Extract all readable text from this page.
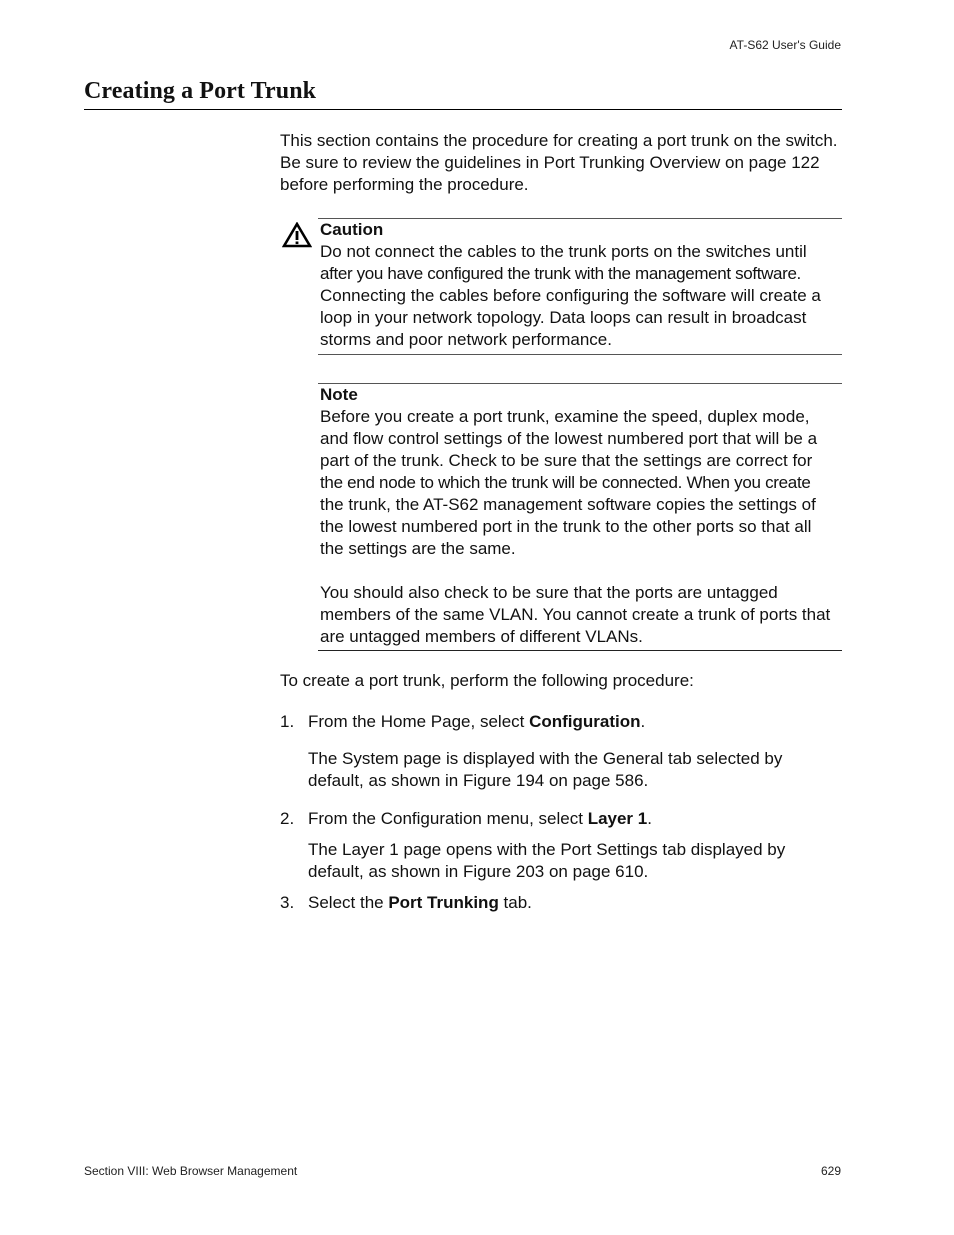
AT-S62 User's Guide
Creating a Port Trunk

This section contains the procedure for creating a port trunk on the switch. Be sure to review the guidelines in Port Trunking Overview on page 122 before performing the procedure.

Caution

Do not connect the cables to the trunk ports on the switches until
after you have configured the trunk with the management software.
Connecting the cables before configuring the software will create a
loop in your network topology. Data loops can result in broadcast
storms and poor network performance.

Note

Before you create a port trunk, examine the speed, duplex mode,
and flow control settings of the lowest numbered port that will be a
part of the trunk. Check to be sure that the settings are correct for
the end node to which the trunk will be connected. When you create
the trunk, the AT-S62 management software copies the settings of
the lowest numbered port in the trunk to the other ports so that all
the settings are the same.

You should also check to be sure that the ports are untagged
members of the same VLAN. You cannot create a trunk of ports that
are untagged members of different VLANs.

To create a port trunk, perform the following procedure:

1. From the Home Page, select Configuration.

The System page is displayed with the General tab selected by
default, as shown in Figure 194 on page 586.

2. From the Configuration menu, select Layer 1.

The Layer 1 page opens with the Port Settings tab displayed by
default, as shown in Figure 203 on page 610.

3. Select the Port Trunking tab.
Section VIII: Web Browser Management	629
